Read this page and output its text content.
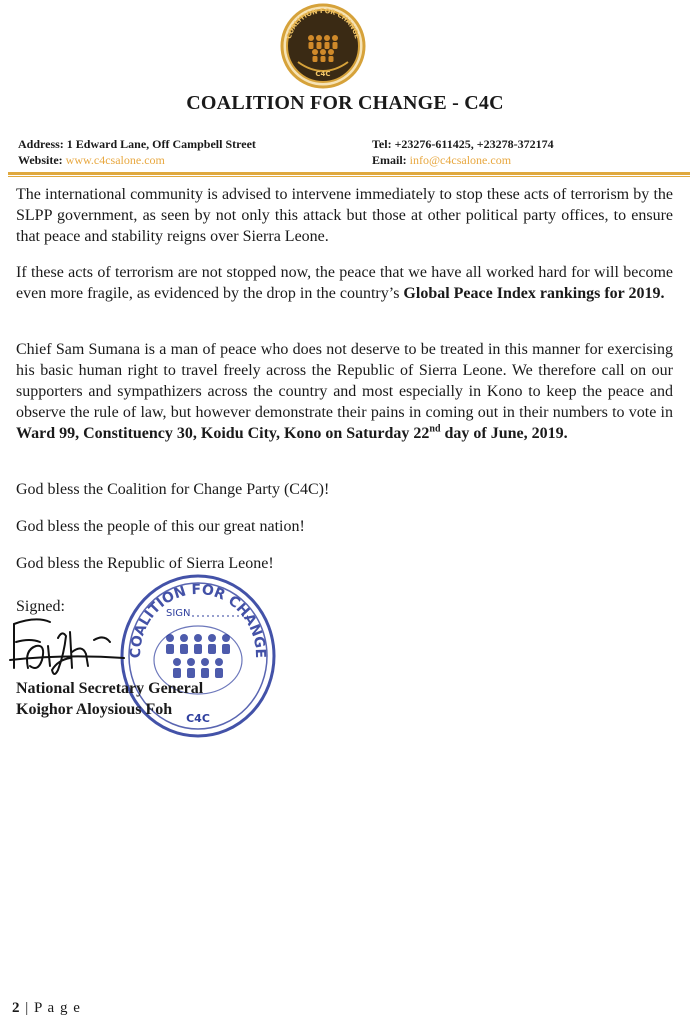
COALITION FOR CHANGE
C4C
COALITION FOR CHANGE - C4C
Address: 1 Edward Lane, Off Campbell Street
Website: www.c4csalone.com
Tel: +23276-611425, +23278-372174
Email: info@c4csalone.com

The international community is advised to intervene immediately to stop these acts of terrorism by the SLPP government, as seen by not only this attack but those at other political party offices, to ensure that peace and stability reigns over Sierra Leone.

If these acts of terrorism are not stopped now, the peace that we have all worked hard for will become even more fragile, as evidenced by the drop in the country’s Global Peace Index rankings for 2019.

Chief Sam Sumana is a man of peace who does not deserve to be treated in this manner for exercising his basic human right to travel freely across the Republic of Sierra Leone. We therefore call on our supporters and sympathizers across the country and most especially in Kono to keep the peace and observe the rule of law, but however demonstrate their pains in coming out in their numbers to vote in Ward 99, Constituency 30, Koidu City, Kono on Saturday 22nd day of June, 2019.

God bless the Coalition for Change Party (C4C)!
God bless the people of this our great nation!
God bless the Republic of Sierra Leone!
Signed:
COALITION FOR CHANGE
SIGN
C4C
National Secretary General
Koighor Aloysious Foh
2 | P a g e
